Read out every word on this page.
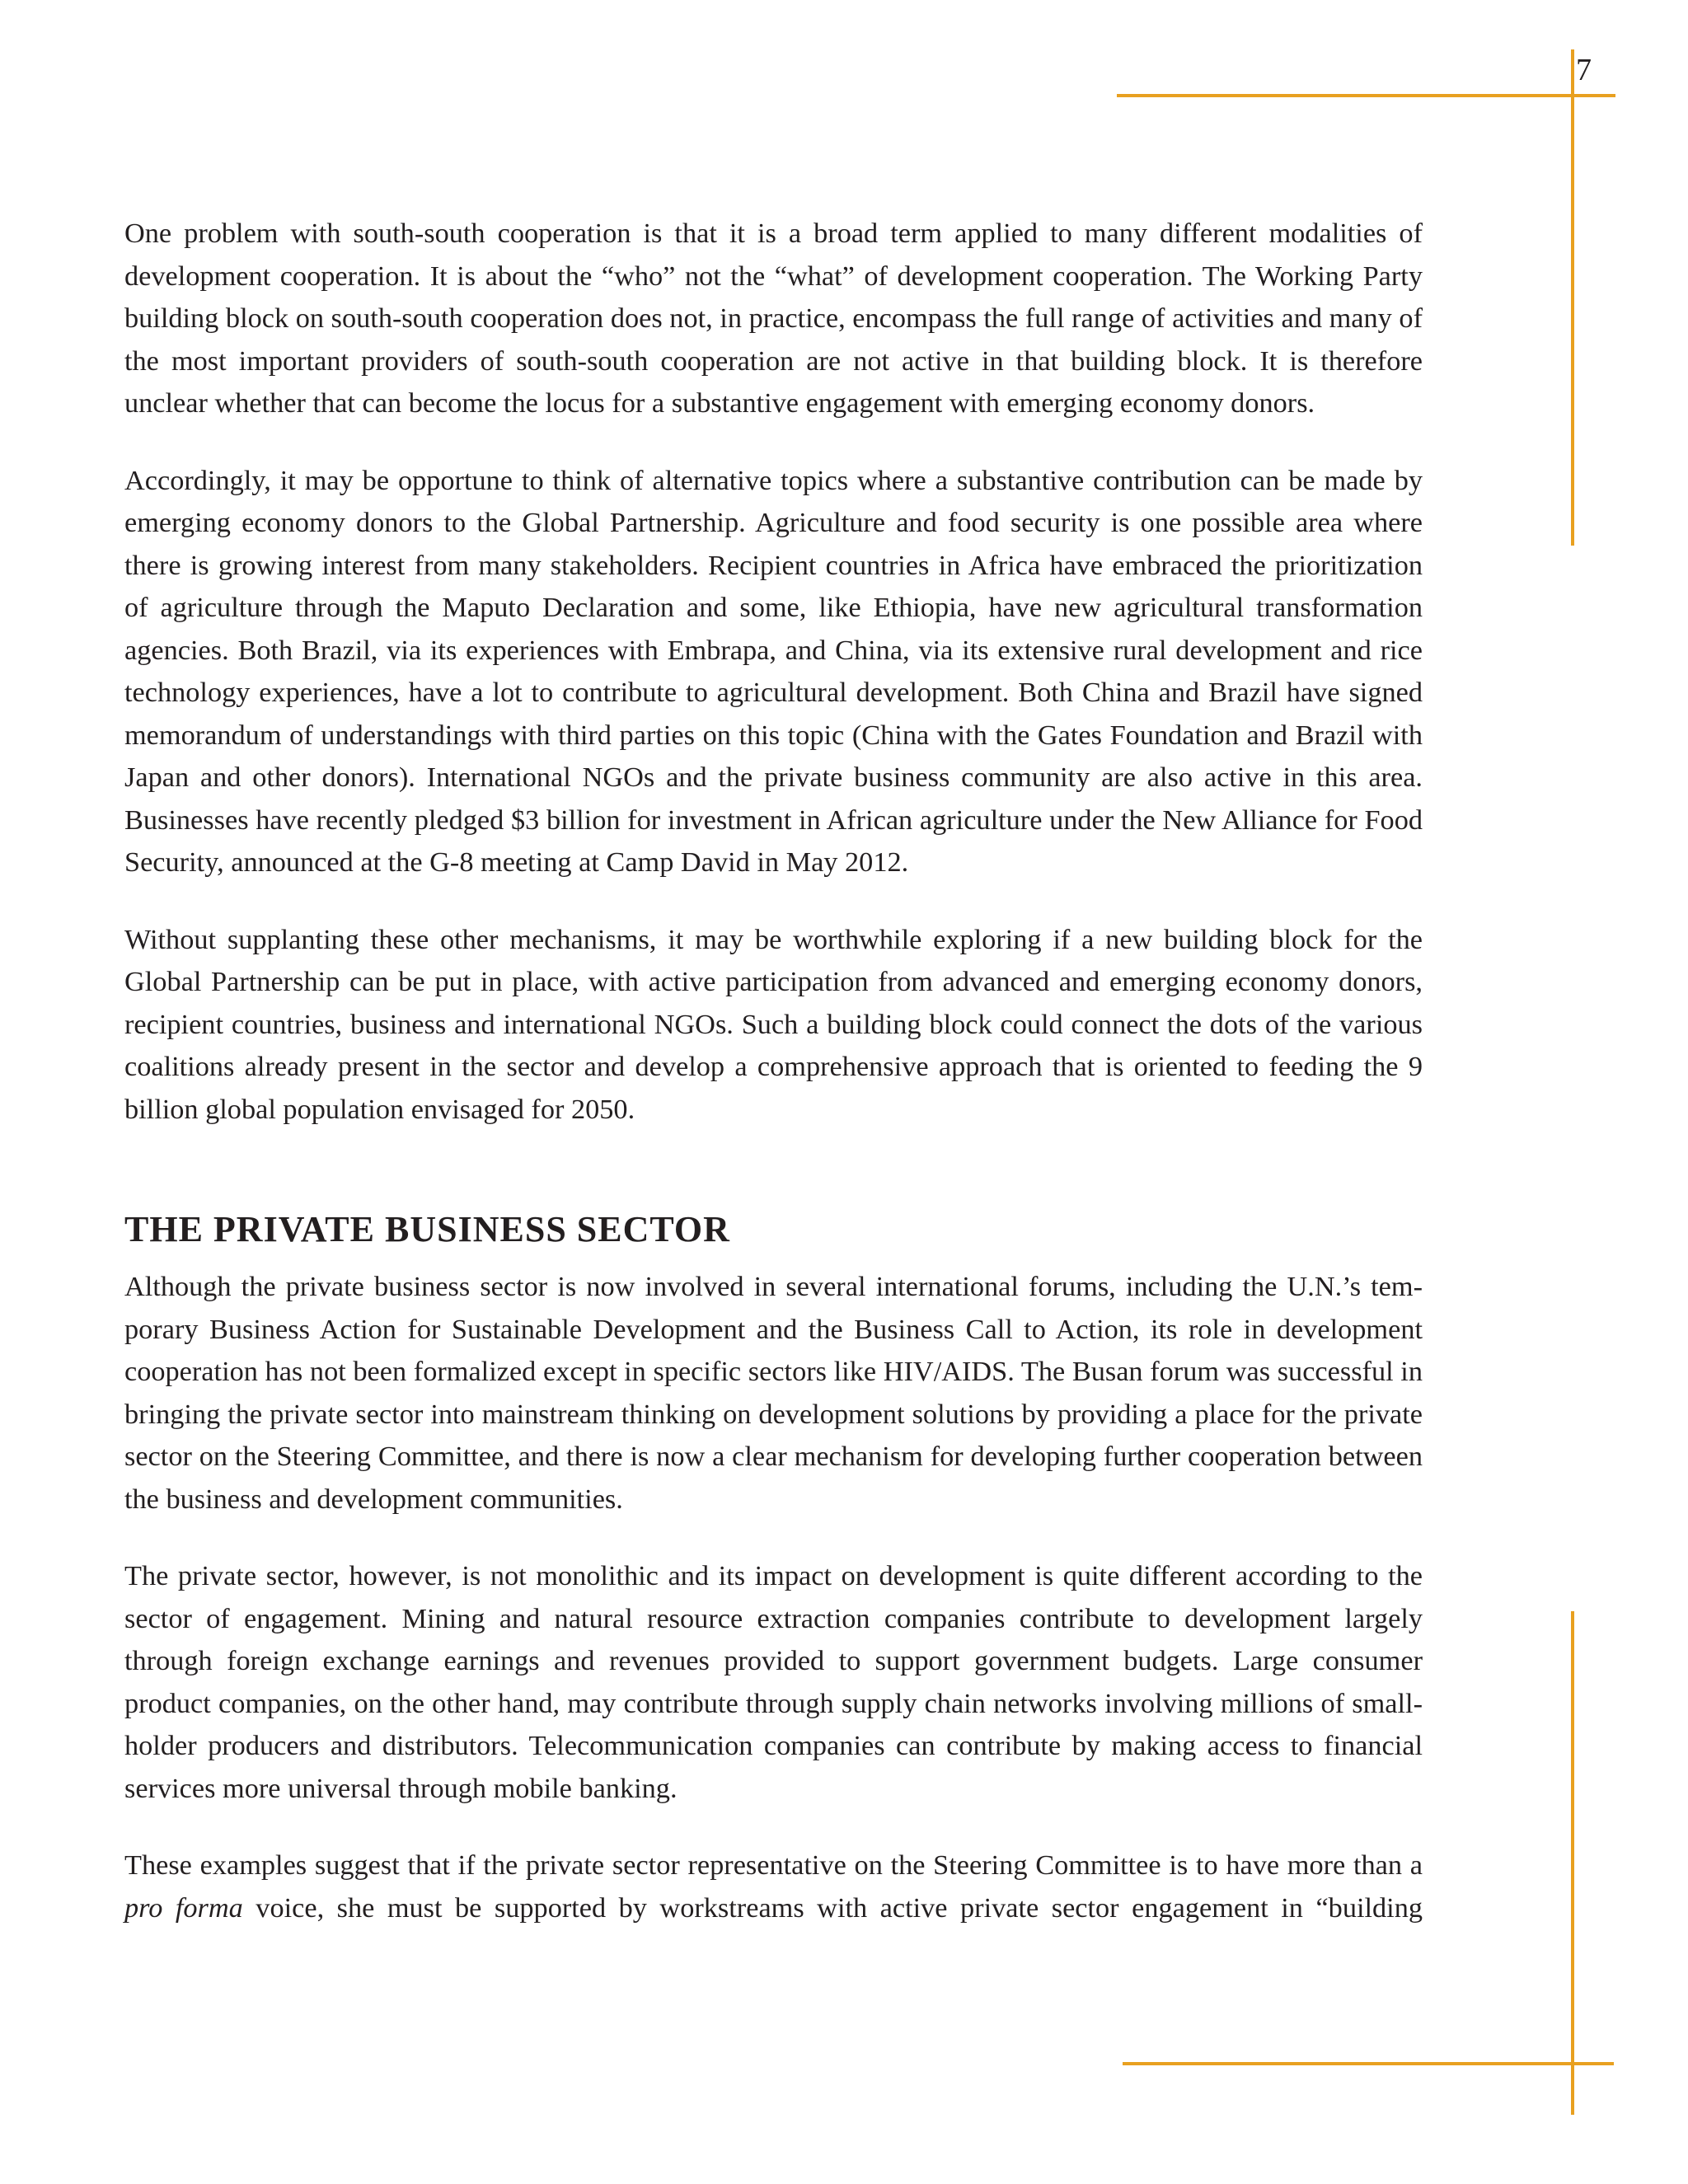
7

One problem with south-south cooperation is that it is a broad term applied to many different modalities of development cooperation. It is about the “who” not the “what” of development cooperation. The Working Party building block on south-south cooperation does not, in practice, encompass the full range of activities and many of the most important providers of south-south cooperation are not active in that building block. It is therefore unclear whether that can become the locus for a substantive engagement with emerging economy donors.

Accordingly, it may be opportune to think of alternative topics where a substantive contribution can be made by emerging economy donors to the Global Partnership. Agriculture and food security is one possible area where there is growing interest from many stakeholders. Recipient countries in Africa have embraced the prioritization of agriculture through the Maputo Declaration and some, like Ethiopia, have new agricultural transformation agencies. Both Brazil, via its experiences with Embrapa, and China, via its extensive rural development and rice technology experiences, have a lot to contribute to agricultural development. Both China and Brazil have signed memorandum of understandings with third parties on this topic (China with the Gates Foundation and Brazil with Japan and other donors). International NGOs and the private business community are also active in this area. Businesses have recently pledged $3 billion for investment in African agriculture under the New Alliance for Food Security, announced at the G-8 meeting at Camp David in May 2012.

Without supplanting these other mechanisms, it may be worthwhile exploring if a new building block for the Global Partnership can be put in place, with active participation from advanced and emerging economy donors, recipient countries, business and international NGOs. Such a building block could connect the dots of the various coalitions already present in the sector and develop a comprehensive approach that is oriented to feeding the 9 billion global population envisaged for 2050.

THE PRIVATE BUSINESS SECTOR

Although the private business sector is now involved in several international forums, including the U.N.’s temporary Business Action for Sustainable Development and the Business Call to Action, its role in development cooperation has not been formalized except in specific sectors like HIV/AIDS. The Busan forum was successful in bringing the private sector into mainstream thinking on development solutions by providing a place for the private sector on the Steering Committee, and there is now a clear mechanism for developing further cooperation between the business and development communities.

The private sector, however, is not monolithic and its impact on development is quite different according to the sector of engagement. Mining and natural resource extraction companies contribute to development largely through foreign exchange earnings and revenues provided to support government budgets. Large consumer product companies, on the other hand, may contribute through supply chain networks involving millions of small-holder producers and distributors. Telecommunication companies can contribute by making access to financial services more universal through mobile banking.

These examples suggest that if the private sector representative on the Steering Committee is to have more than a pro forma voice, she must be supported by workstreams with active private sector engagement in “building
